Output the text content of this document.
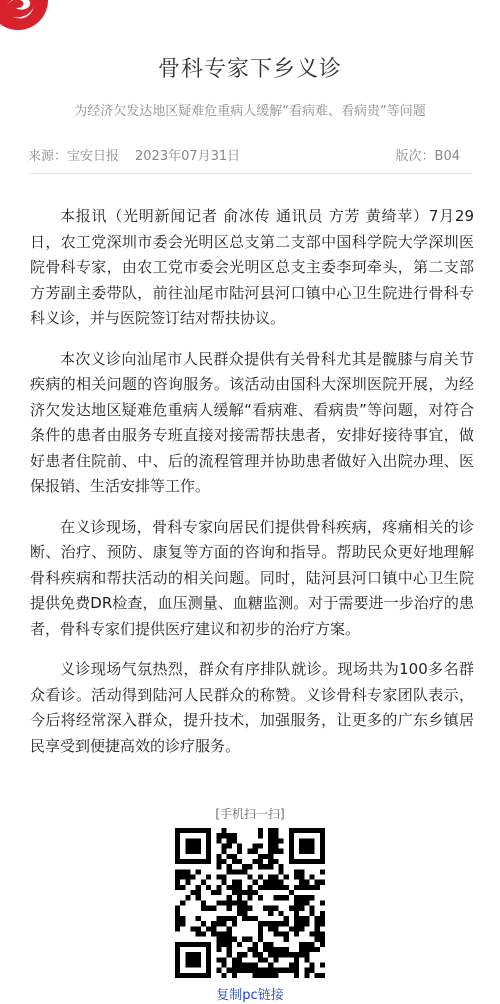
骨科专家下乡义诊

为经济欠发达地区疑难危重病人缓解“看病难、看病贵”等问题

来源：宝安日报 2023年07月31日	版次：B04

本报讯（光明新闻记者 俞冰传 通讯员 方芳 黄绮苹）7月29日，农工党深圳市委会光明区总支第二支部中国科学院大学深圳医院骨科专家，由农工党市委会光明区总支主委李珂牵头，第二支部方芳副主委带队，前往汕尾市陆河县河口镇中心卫生院进行骨科专科义诊，并与医院签订结对帮扶协议。

本次义诊向汕尾市人民群众提供有关骨科尤其是髋膝与肩关节疾病的相关问题的咨询服务。该活动由国科大深圳医院开展，为经济欠发达地区疑难危重病人缓解“看病难、看病贵”等问题，对符合条件的患者由服务专班直接对接需帮扶患者，安排好接待事宜，做好患者住院前、中、后的流程管理并协助患者做好入出院办理、医保报销、生活安排等工作。

在义诊现场，骨科专家向居民们提供骨科疾病，疼痛相关的诊断、治疗、预防、康复等方面的咨询和指导。帮助民众更好地理解骨科疾病和帮扶活动的相关问题。同时，陆河县河口镇中心卫生院提供免费DR检查，血压测量、血糖监测。对于需要进一步治疗的患者，骨科专家们提供医疗建议和初步的治疗方案。

义诊现场气氛热烈，群众有序排队就诊。现场共为100多名群众看诊。活动得到陆河人民群众的称赞。义诊骨科专家团队表示，今后将经常深入群众，提升技术，加强服务，让更多的广东乡镇居民享受到便捷高效的诊疗服务。

[手机扫一扫]
复制pc链接
